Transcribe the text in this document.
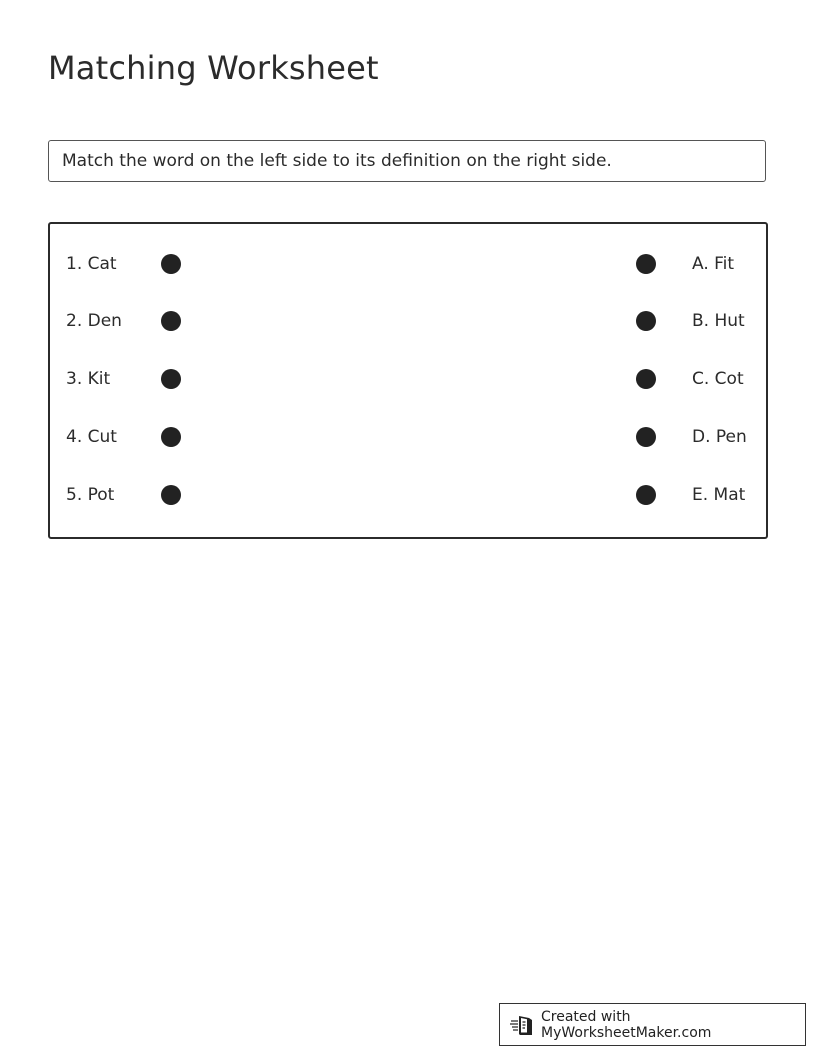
Matching Worksheet
Match the word on the left side to its definition on the right side.
1. Cat	A. Fit
2. Den	B. Hut
3. Kit	C. Cot
4. Cut	D. Pen
5. Pot	E. Mat
Created with MyWorksheetMaker.com
